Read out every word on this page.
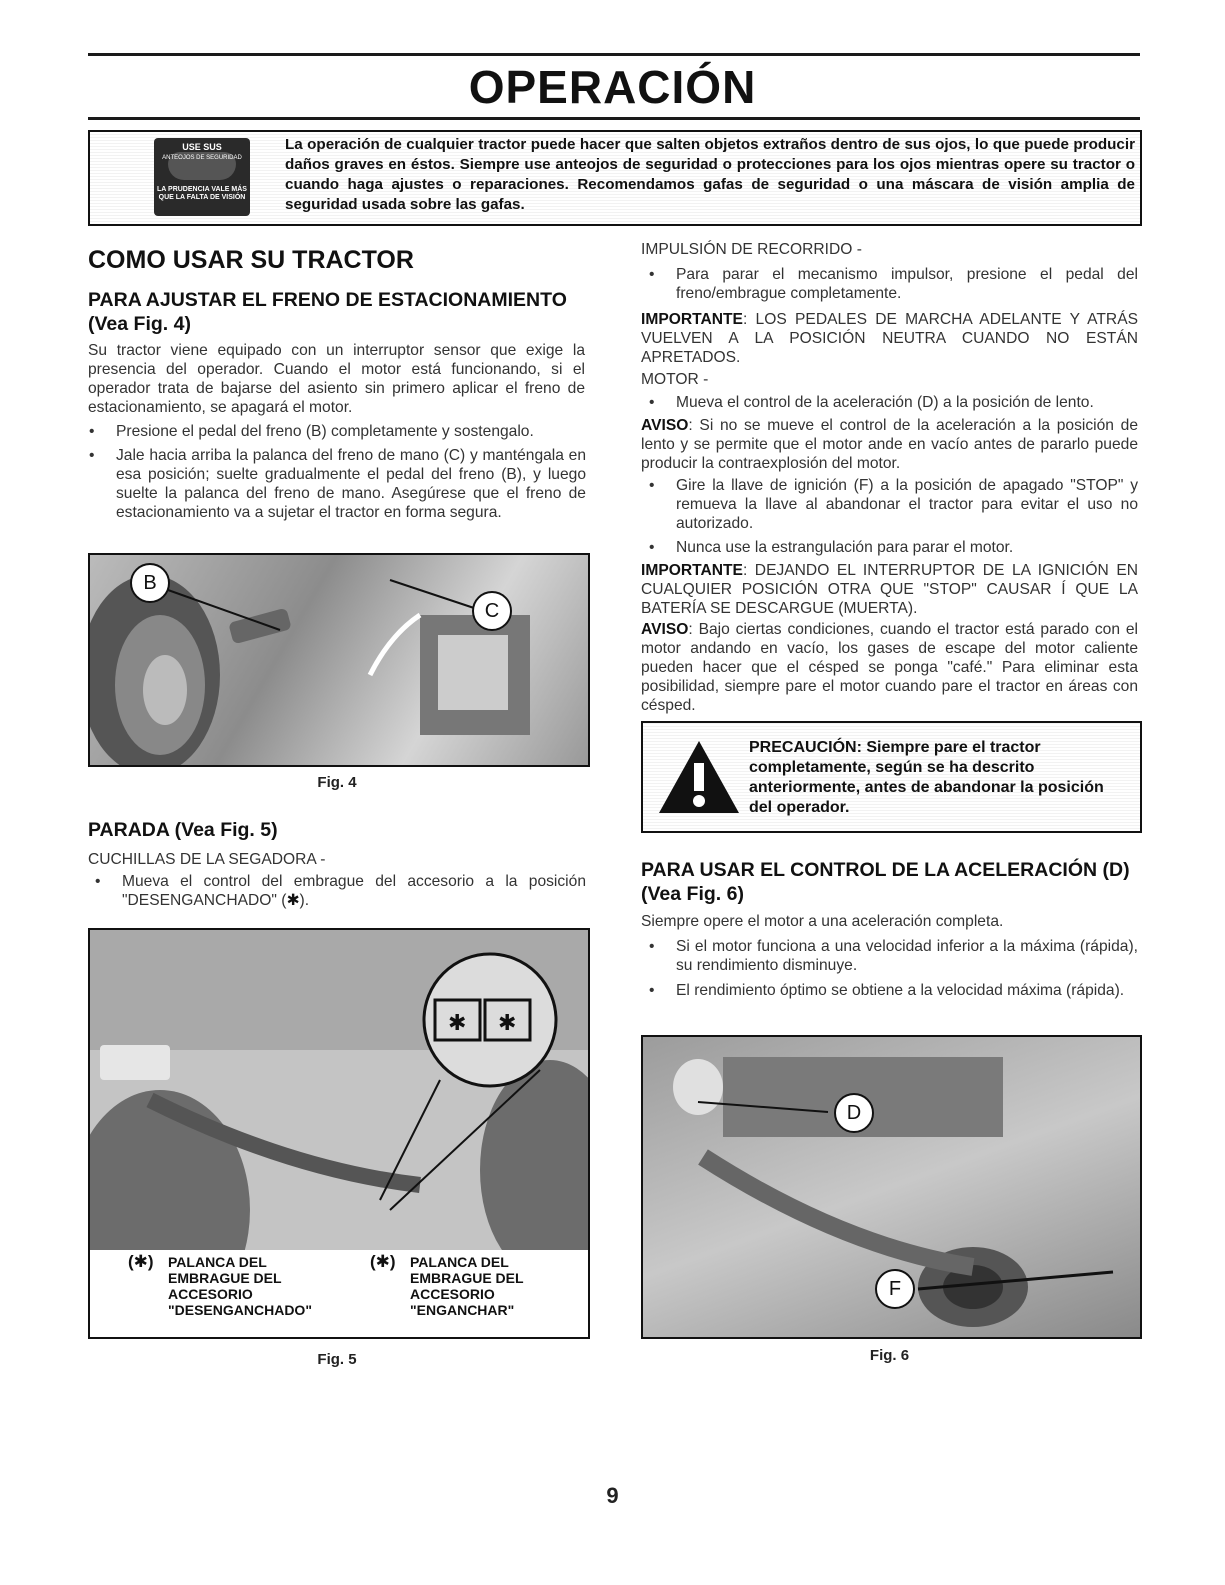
OPERACIÓN
USE SUS
ANTEOJOS DE SEGURIDAD
LA PRUDENCIA VALE MÁS QUE LA FALTA DE VISIÓN
La operación de cualquier tractor puede hacer que salten objetos extraños dentro de sus ojos, lo que puede producir daños graves en éstos. Siempre use anteojos de seguridad o protecciones para los ojos mientras opere su tractor o cuando haga ajustes o reparaciones. Recomendamos gafas de seguridad o una máscara de visión amplia de seguridad usada sobre las gafas.
COMO USAR SU TRACTOR
PARA AJUSTAR EL FRENO DE ESTACIONAMIENTO (Vea Fig. 4)
Su tractor viene equipado con un interruptor sensor que exige la presencia del operador. Cuando el motor está funcionando, si el operador trata de bajarse del asiento sin primero aplicar el freno de estacionamiento, se apagará el motor.
• Presione el pedal del freno (B) completamente y sostengalo.
• Jale hacia arriba la palanca del freno de mano (C) y manténgala en esa posición; suelte gradualmente el pedal del freno (B), y luego suelte la palanca del freno de mano. Asegúrese que el freno de estacionamiento va a sujetar el tractor en forma segura.
B
C
Fig. 4
PARADA (Vea Fig. 5)
CUCHILLAS DE LA SEGADORA -
• Mueva el control del embrague del accesorio a la posición "DESENGANCHADO" (✱).
✱ ✱
(✱) PALANCA DEL EMBRAGUE DEL ACCESORIO "DESENGANCHADO"
(✱) PALANCA DEL EMBRAGUE DEL ACCESORIO "ENGANCHAR"
Fig. 5
IMPULSIÓN DE RECORRIDO -
• Para parar el mecanismo impulsor, presione el pedal del freno/embrague completamente.
IMPORTANTE: LOS PEDALES DE MARCHA ADELANTE Y ATRÁS VUELVEN A LA POSICIÓN NEUTRA CUANDO NO ESTÁN APRETADOS.
MOTOR -
• Mueva el control de la aceleración (D) a la posición de lento.
AVISO: Si no se mueve el control de la aceleración a la posición de lento y se permite que el motor ande en vacío antes de pararlo puede producir la contraexplosión del motor.
• Gire la llave de ignición (F) a la posición de apagado "STOP" y remueva la llave al abandonar el tractor para evitar el uso no autorizado.
• Nunca use la estrangulación para parar el motor.
IMPORTANTE: DEJANDO EL INTERRUPTOR DE LA IGNICIÓN EN CUALQUIER POSICIÓN OTRA QUE "STOP" CAUSAR Í QUE LA BATERÍA SE DESCARGUE (MUERTA).
AVISO: Bajo ciertas condiciones, cuando el tractor está parado con el motor andando en vacío, los gases de escape del motor caliente pueden hacer que el césped se ponga "café." Para eliminar esta posibilidad, siempre pare el motor cuando pare el tractor en áreas con césped.
PRECAUCIÓN: Siempre pare el tractor completamente, según se ha descrito anteriormente, antes de abandonar la posición del operador.
PARA USAR EL CONTROL DE LA ACELERACIÓN (D) (Vea Fig. 6)
Siempre opere el motor a una aceleración completa.
• Si el motor funciona a una velocidad inferior a la máxima (rápida), su rendimiento disminuye.
• El rendimiento óptimo se obtiene a la velocidad máxima (rápida).
D
F
Fig. 6
9
